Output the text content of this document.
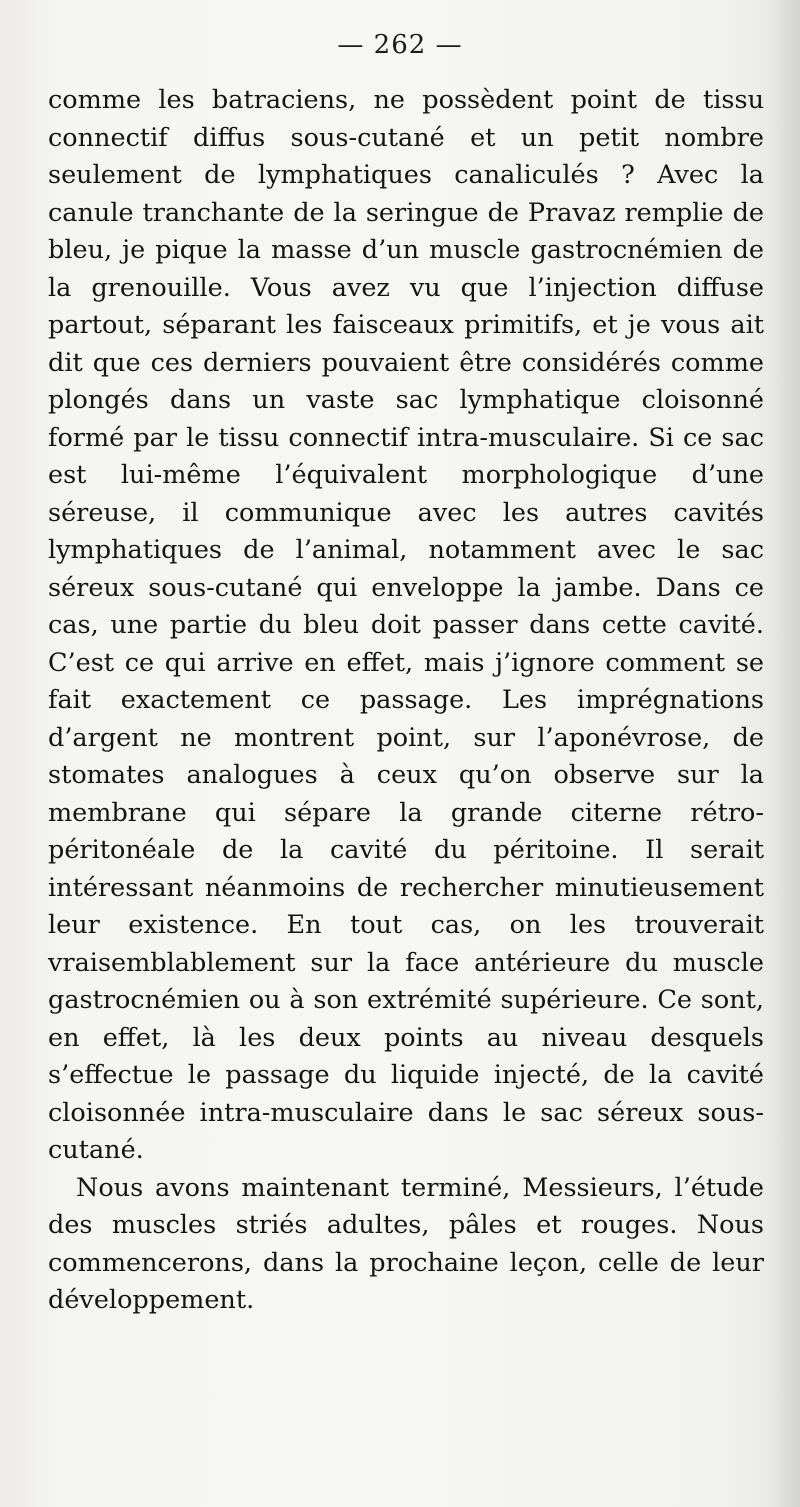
— 262 —

comme les batraciens, ne possèdent point de tissu connectif diffus sous-cutané et un petit nombre seulement de lymphatiques canaliculés ? Avec la canule tranchante de la seringue de Pravaz remplie de bleu, je pique la masse d’un muscle gastrocnémien de la grenouille. Vous avez vu que l’injection diffuse partout, séparant les faisceaux primitifs, et je vous ait dit que ces derniers pouvaient être considérés comme plongés dans un vaste sac lymphatique cloisonné formé par le tissu connectif intra-musculaire. Si ce sac est lui-même l’équivalent morphologique d’une séreuse, il communique avec les autres cavités lymphatiques de l’animal, notamment avec le sac séreux sous-cutané qui enveloppe la jambe. Dans ce cas, une partie du bleu doit passer dans cette cavité. C’est ce qui arrive en effet, mais j’ignore comment se fait exactement ce passage. Les imprégnations d’argent ne montrent point, sur l’aponévrose, de stomates analogues à ceux qu’on observe sur la membrane qui sépare la grande citerne rétro-péritonéale de la cavité du péritoine. Il serait intéressant néanmoins de rechercher minutieusement leur existence. En tout cas, on les trouverait vraisemblablement sur la face antérieure du muscle gastrocnémien ou à son extrémité supérieure. Ce sont, en effet, là les deux points au niveau desquels s’effectue le passage du liquide injecté, de la cavité cloisonnée intra-musculaire dans le sac séreux sous-cutané.

Nous avons maintenant terminé, Messieurs, l’étude des muscles striés adultes, pâles et rouges. Nous commencerons, dans la prochaine leçon, celle de leur développement.
